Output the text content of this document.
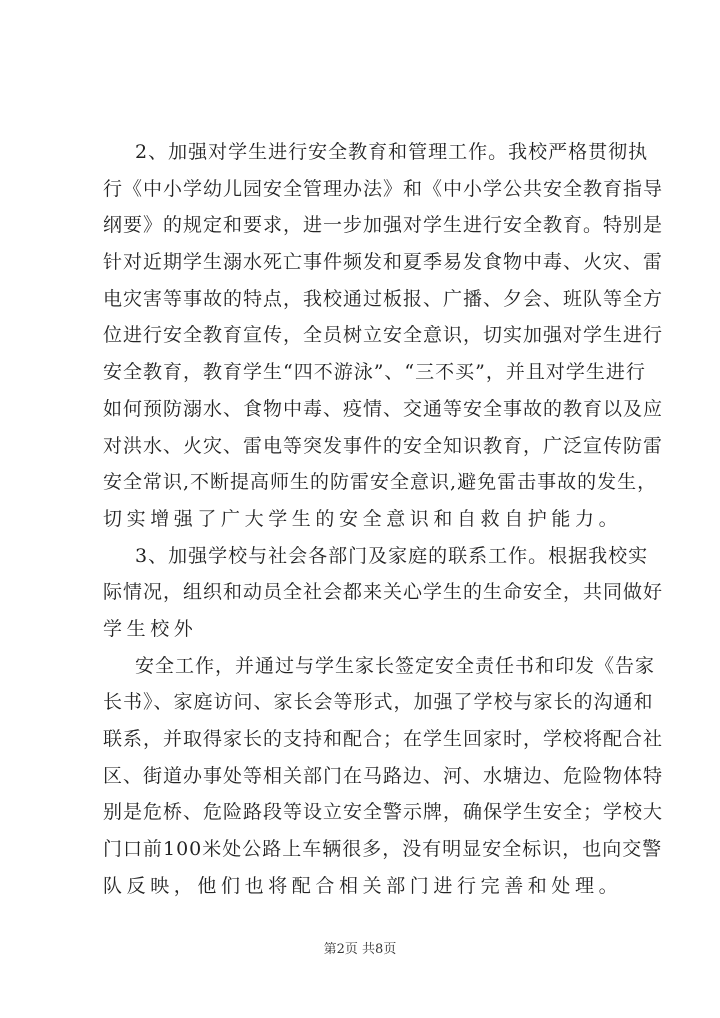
2、加强对学生进行安全教育和管理工作。我校严格贯彻执
行《中小学幼儿园安全管理办法》和《中小学公共安全教育指导
纲要》的规定和要求，进一步加强对学生进行安全教育。特别是
针对近期学生溺水死亡事件频发和夏季易发食物中毒、火灾、雷
电灾害等事故的特点，我校通过板报、广播、夕会、班队等全方
位进行安全教育宣传，全员树立安全意识，切实加强对学生进行
安全教育，教育学生“四不游泳”、“三不买”，并且对学生进行
如何预防溺水、食物中毒、疫情、交通等安全事故的教育以及应
对洪水、火灾、雷电等突发事件的安全知识教育，广泛宣传防雷
安全常识,不断提高师生的防雷安全意识,避免雷击事故的发生，
切实增强了广大学生的安全意识和自救自护能力。
3、加强学校与社会各部门及家庭的联系工作。根据我校实
际情况，组织和动员全社会都来关心学生的生命安全，共同做好
学生校外
安全工作，并通过与学生家长签定安全责任书和印发《告家
长书》、家庭访问、家长会等形式，加强了学校与家长的沟通和
联系，并取得家长的支持和配合；在学生回家时，学校将配合社
区、街道办事处等相关部门在马路边、河、水塘边、危险物体特
别是危桥、危险路段等设立安全警示牌，确保学生安全；学校大
门口前100米处公路上车辆很多，没有明显安全标识，也向交警
队反映，他们也将配合相关部门进行完善和处理。
第2页 共8页
